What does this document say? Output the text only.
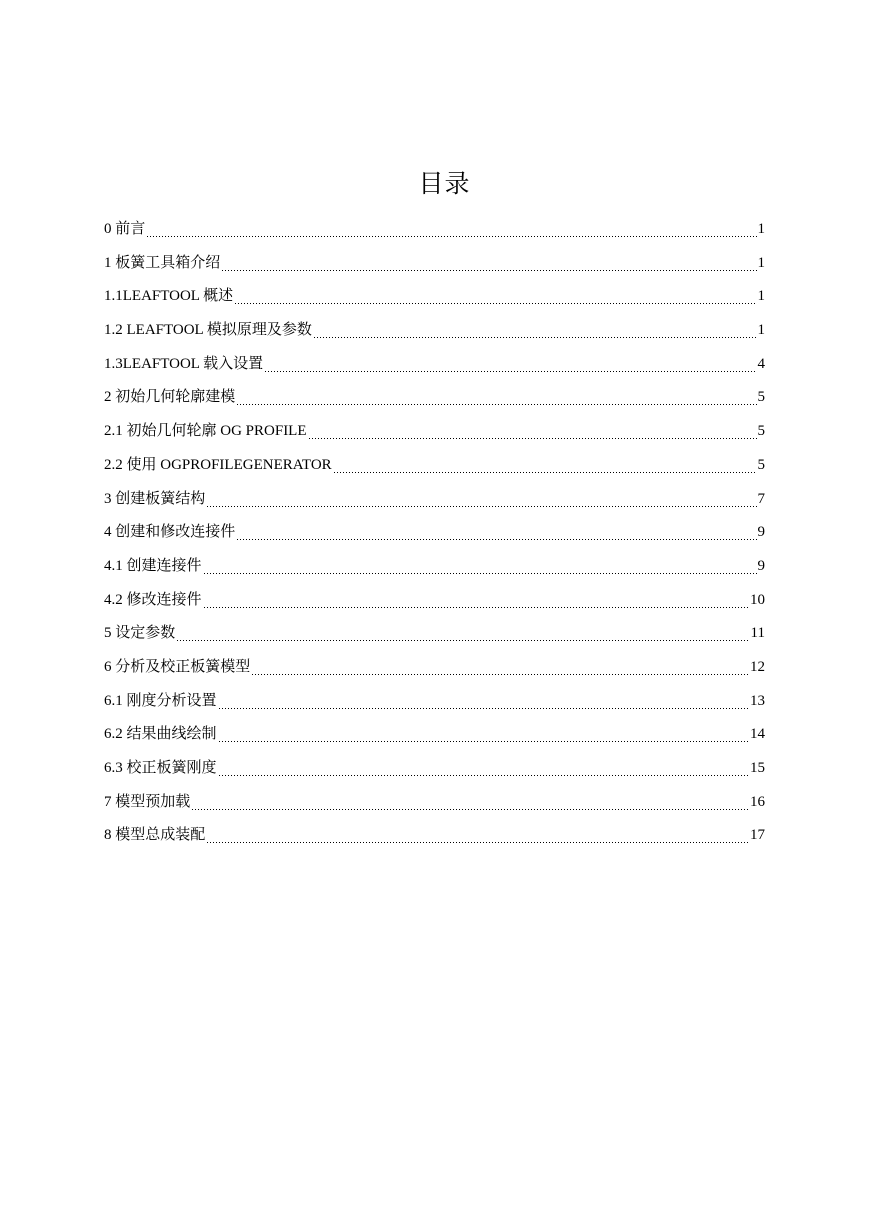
目录
0 前言	1
1 板簧工具箱介绍	1
1.1LEAFTOOL 概述	1
1.2 LEAFTOOL 模拟原理及参数	1
1.3LEAFTOOL 载入设置	4
2 初始几何轮廓建模	5
2.1 初始几何轮廓 OG PROFILE	5
2.2 使用 OGPROFILEGENERATOR	5
3 创建板簧结构	7
4 创建和修改连接件	9
4.1 创建连接件	9
4.2 修改连接件	10
5 设定参数	11
6 分析及校正板簧模型	12
6.1 刚度分析设置	13
6.2 结果曲线绘制	14
6.3 校正板簧刚度	15
7 模型预加载	16
8 模型总成装配	17
